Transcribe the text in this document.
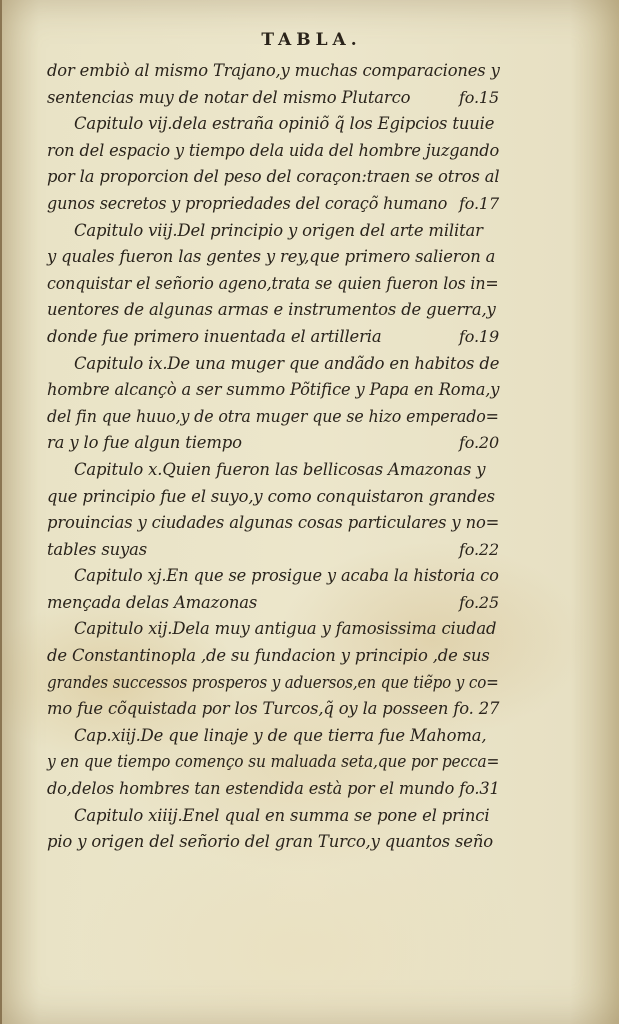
TABLA.
dor embiò al mismo Trajano,y muchas comparaciones y
sentencias muy de notar del mismo Plutarco	fo.15
Capitulo vij.dela estraña opiniõ q̃ los Egipcios tuuie
ron del espacio y tiempo dela uida del hombre juzgando
por la proporcion del peso del coraçon:traen se otros al
gunos secretos y propriedades del coraçõ humano fo.17
Capitulo viij.Del principio y origen del arte militar
y quales fueron las gentes y rey,que primero salieron a
conquistar el señorio ageno,trata se quien fueron los in=
uentores de algunas armas e instrumentos de guerra,y
donde fue primero inuentada el artilleria	fo.19
Capitulo ix.De una muger que andãdo en habitos de
hombre alcançò a ser summo Põtifice y Papa en Roma,y
del fin que huuo,y de otra muger que se hizo emperado=
ra y lo fue algun tiempo	fo.20
Capitulo x.Quien fueron las bellicosas Amazonas y
que principio fue el suyo,y como conquistaron grandes
prouincias y ciudades algunas cosas particulares y no=
tables suyas	fo.22
Capitulo xj.En que se prosigue y acaba la historia co
mençada delas Amazonas	fo.25
Capitulo xij.Dela muy antigua y famosissima ciudad
de Constantinopla ,de su fundacion y principio ,de sus
grandes successos prosperos y aduersos,en que tiẽpo y co=
mo fue cõquistada por los Turcos,q̃ oy la posseen fo. 27
Cap.xiij.De que linaje y de que tierra fue Mahoma,
y en que tiempo començo su maluada seta,que por pecca=
do,delos hombres tan estendida està por el mundo fo.31
Capitulo xiiij.Enel qual en summa se pone el princi
pio y origen del señorio del gran Turco,y quantos seño
